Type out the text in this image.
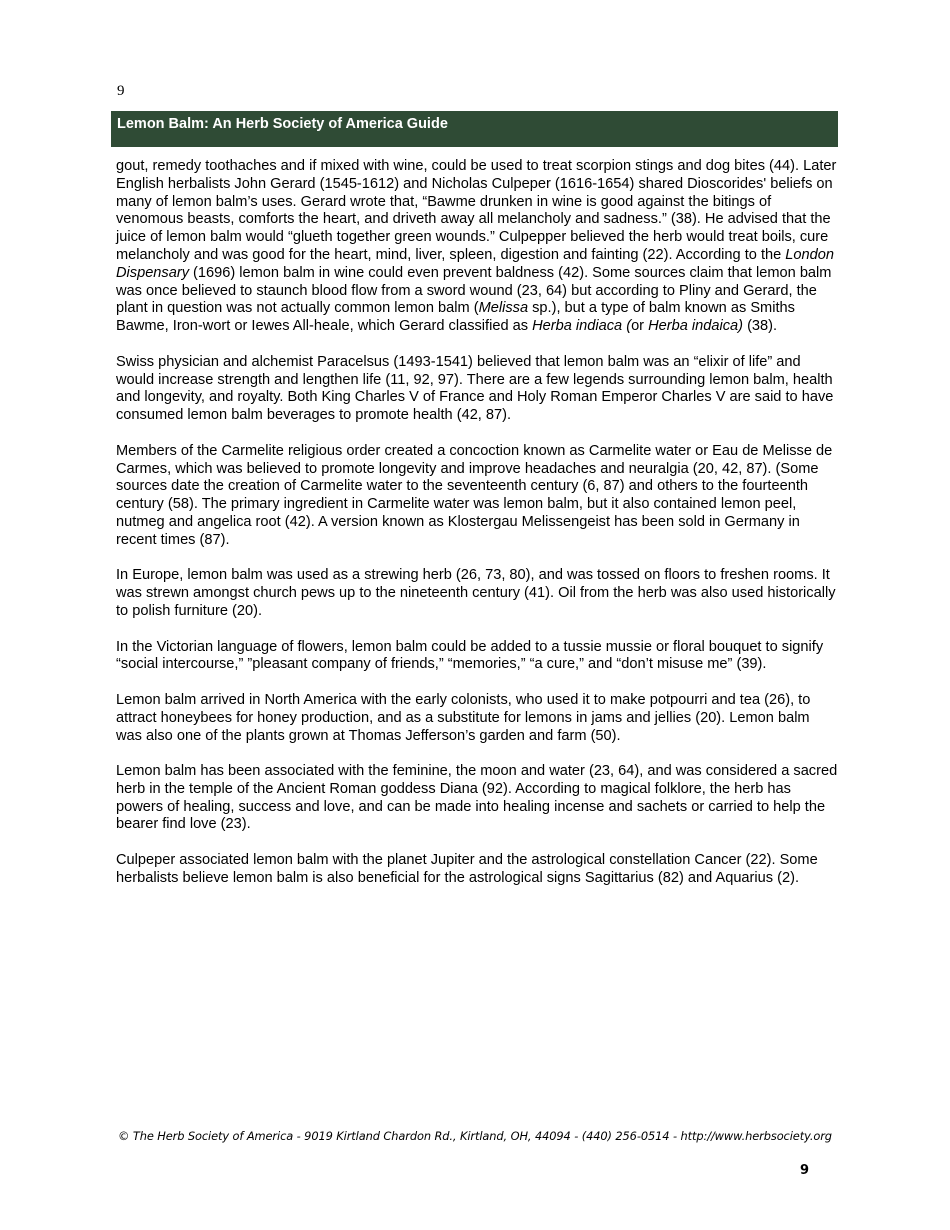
9
Lemon Balm: An Herb Society of America Guide

gout, remedy toothaches and if mixed with wine, could be used to treat scorpion stings and dog bites (44). Later English herbalists John Gerard (1545-1612) and Nicholas Culpeper (1616-1654) shared Dioscorides' beliefs on many of lemon balm’s uses. Gerard wrote that, “Bawme drunken in wine is good against the bitings of venomous beasts, comforts the heart, and driveth away all melancholy and sadness.” (38). He advised that the juice of lemon balm would “glueth together green wounds.” Culpepper believed the herb would treat boils, cure melancholy and was good for the heart, mind, liver, spleen, digestion and fainting (22). According to the London Dispensary (1696) lemon balm in wine could even prevent baldness (42). Some sources claim that lemon balm was once believed to staunch blood flow from a sword wound (23, 64) but according to Pliny and Gerard, the plant in question was not actually common lemon balm (Melissa sp.), but a type of balm known as Smiths Bawme, Iron-wort or Iewes All-heale, which Gerard classified as Herba indiaca (or Herba indaica) (38).

Swiss physician and alchemist Paracelsus (1493-1541) believed that lemon balm was an “elixir of life” and would increase strength and lengthen life (11, 92, 97). There are a few legends surrounding lemon balm, health and longevity, and royalty. Both King Charles V of France and Holy Roman Emperor Charles V are said to have consumed lemon balm beverages to promote health (42, 87).

Members of the Carmelite religious order created a concoction known as Carmelite water or Eau de Melisse de Carmes, which was believed to promote longevity and improve headaches and neuralgia (20, 42, 87). (Some sources date the creation of Carmelite water to the seventeenth century (6, 87) and others to the fourteenth century (58). The primary ingredient in Carmelite water was lemon balm, but it also contained lemon peel, nutmeg and angelica root (42). A version known as Klostergau Melissengeist has been sold in Germany in recent times (87).

In Europe, lemon balm was used as a strewing herb (26, 73, 80), and was tossed on floors to freshen rooms. It was strewn amongst church pews up to the nineteenth century (41). Oil from the herb was also used historically to polish furniture (20).

In the Victorian language of flowers, lemon balm could be added to a tussie mussie or floral bouquet to signify “social intercourse,” ”pleasant company of friends,” “memories,” “a cure,” and “don’t misuse me” (39).

Lemon balm arrived in North America with the early colonists, who used it to make potpourri and tea (26), to attract honeybees for honey production, and as a substitute for lemons in jams and jellies (20). Lemon balm was also one of the plants grown at Thomas Jefferson’s garden and farm (50).

Lemon balm has been associated with the feminine, the moon and water (23, 64), and was considered a sacred herb in the temple of the Ancient Roman goddess Diana (92). According to magical folklore, the herb has powers of healing, success and love, and can be made into healing incense and sachets or carried to help the bearer find love (23).

Culpeper associated lemon balm with the planet Jupiter and the astrological constellation Cancer (22). Some herbalists believe lemon balm is also beneficial for the astrological signs Sagittarius (82) and Aquarius (2).

© The Herb Society of America - 9019 Kirtland Chardon Rd., Kirtland, OH, 44094 - (440) 256-0514 - http://www.herbsociety.org
9
